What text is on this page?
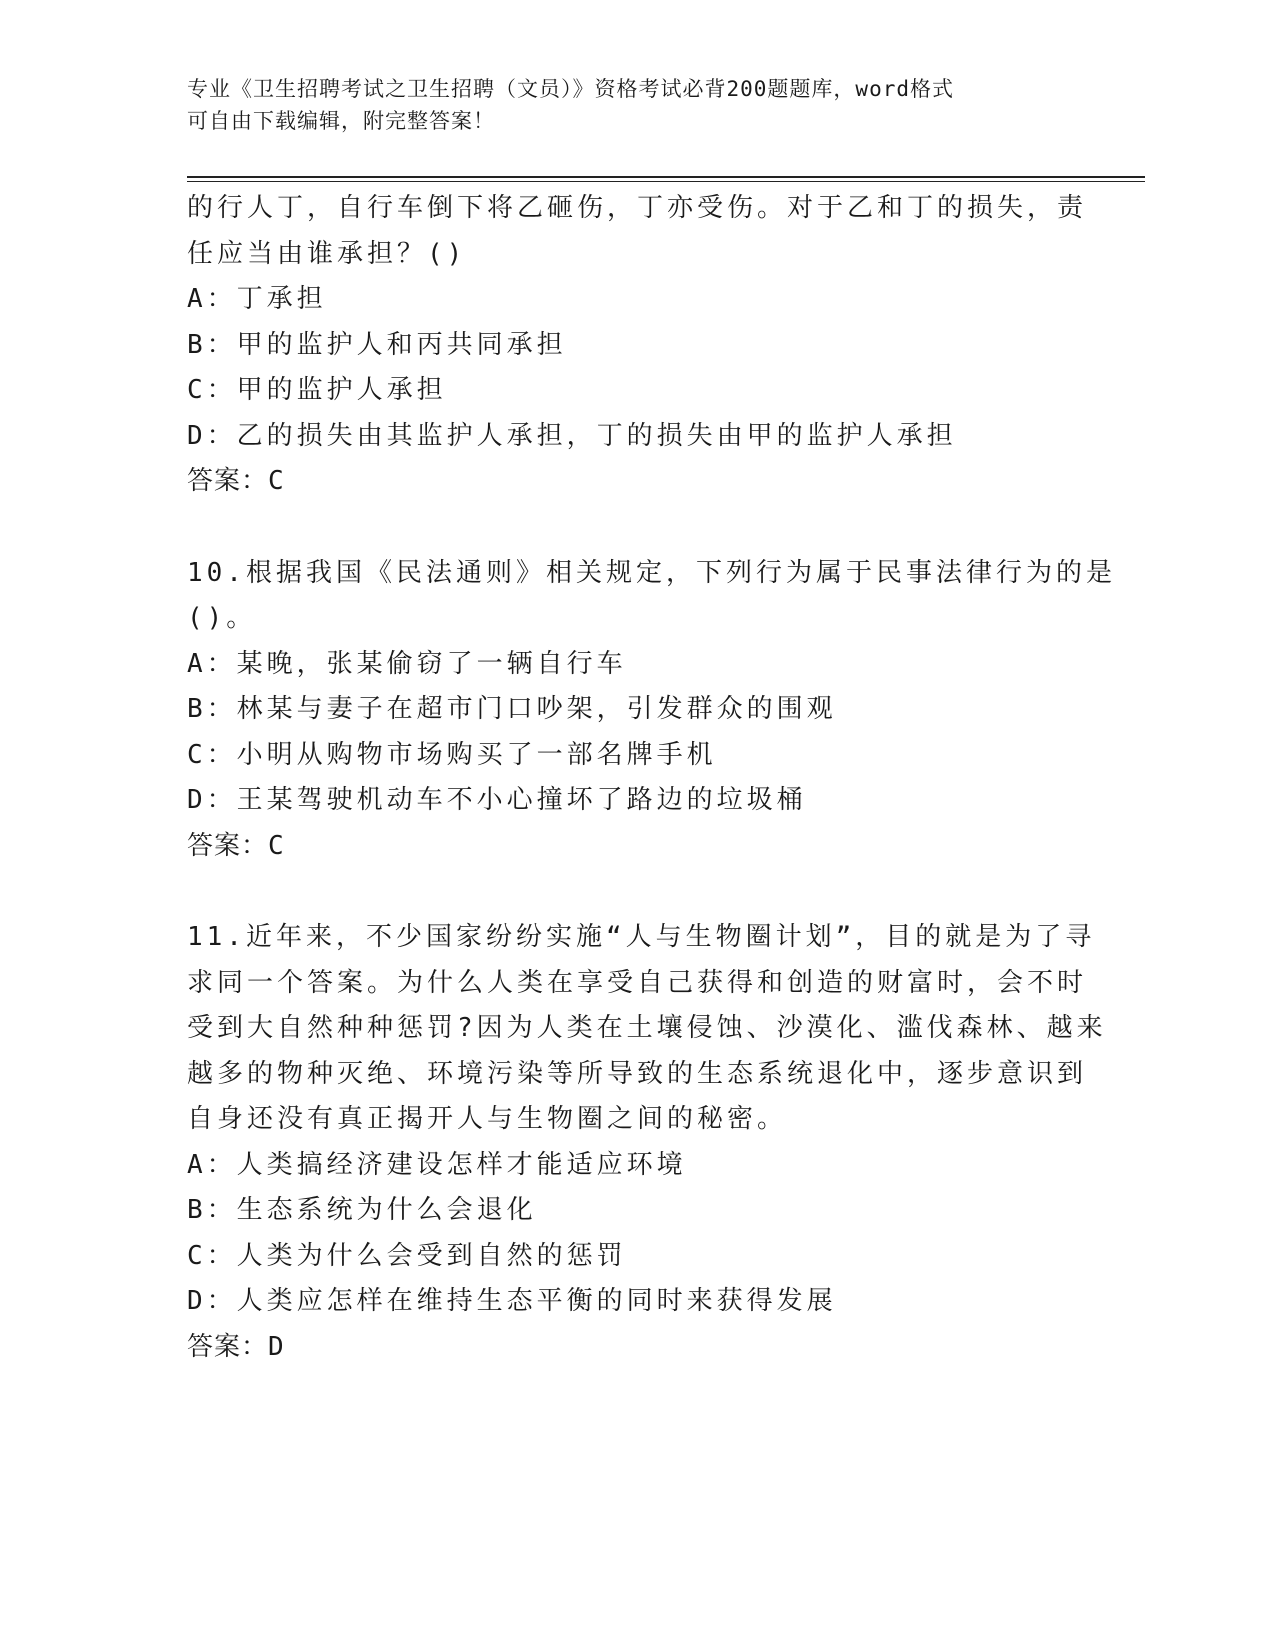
专业《卫生招聘考试之卫生招聘（文员）》资格考试必背200题题库，word格式
可自由下载编辑，附完整答案！
的行人丁，自行车倒下将乙砸伤，丁亦受伤。对于乙和丁的损失，责
任应当由谁承担？()
A：丁承担
B：甲的监护人和丙共同承担
C：甲的监护人承担
D：乙的损失由其监护人承担，丁的损失由甲的监护人承担
答案：C
10.根据我国《民法通则》相关规定，下列行为属于民事法律行为的是
()。
A：某晚，张某偷窃了一辆自行车
B：林某与妻子在超市门口吵架，引发群众的围观
C：小明从购物市场购买了一部名牌手机
D：王某驾驶机动车不小心撞坏了路边的垃圾桶
答案：C
11.近年来，不少国家纷纷实施“人与生物圈计划”，目的就是为了寻
求同一个答案。为什么人类在享受自己获得和创造的财富时，会不时
受到大自然种种惩罚?因为人类在土壤侵蚀、沙漠化、滥伐森林、越来
越多的物种灭绝、环境污染等所导致的生态系统退化中，逐步意识到
自身还没有真正揭开人与生物圈之间的秘密。
A：人类搞经济建设怎样才能适应环境
B：生态系统为什么会退化
C：人类为什么会受到自然的惩罚
D：人类应怎样在维持生态平衡的同时来获得发展
答案：D
